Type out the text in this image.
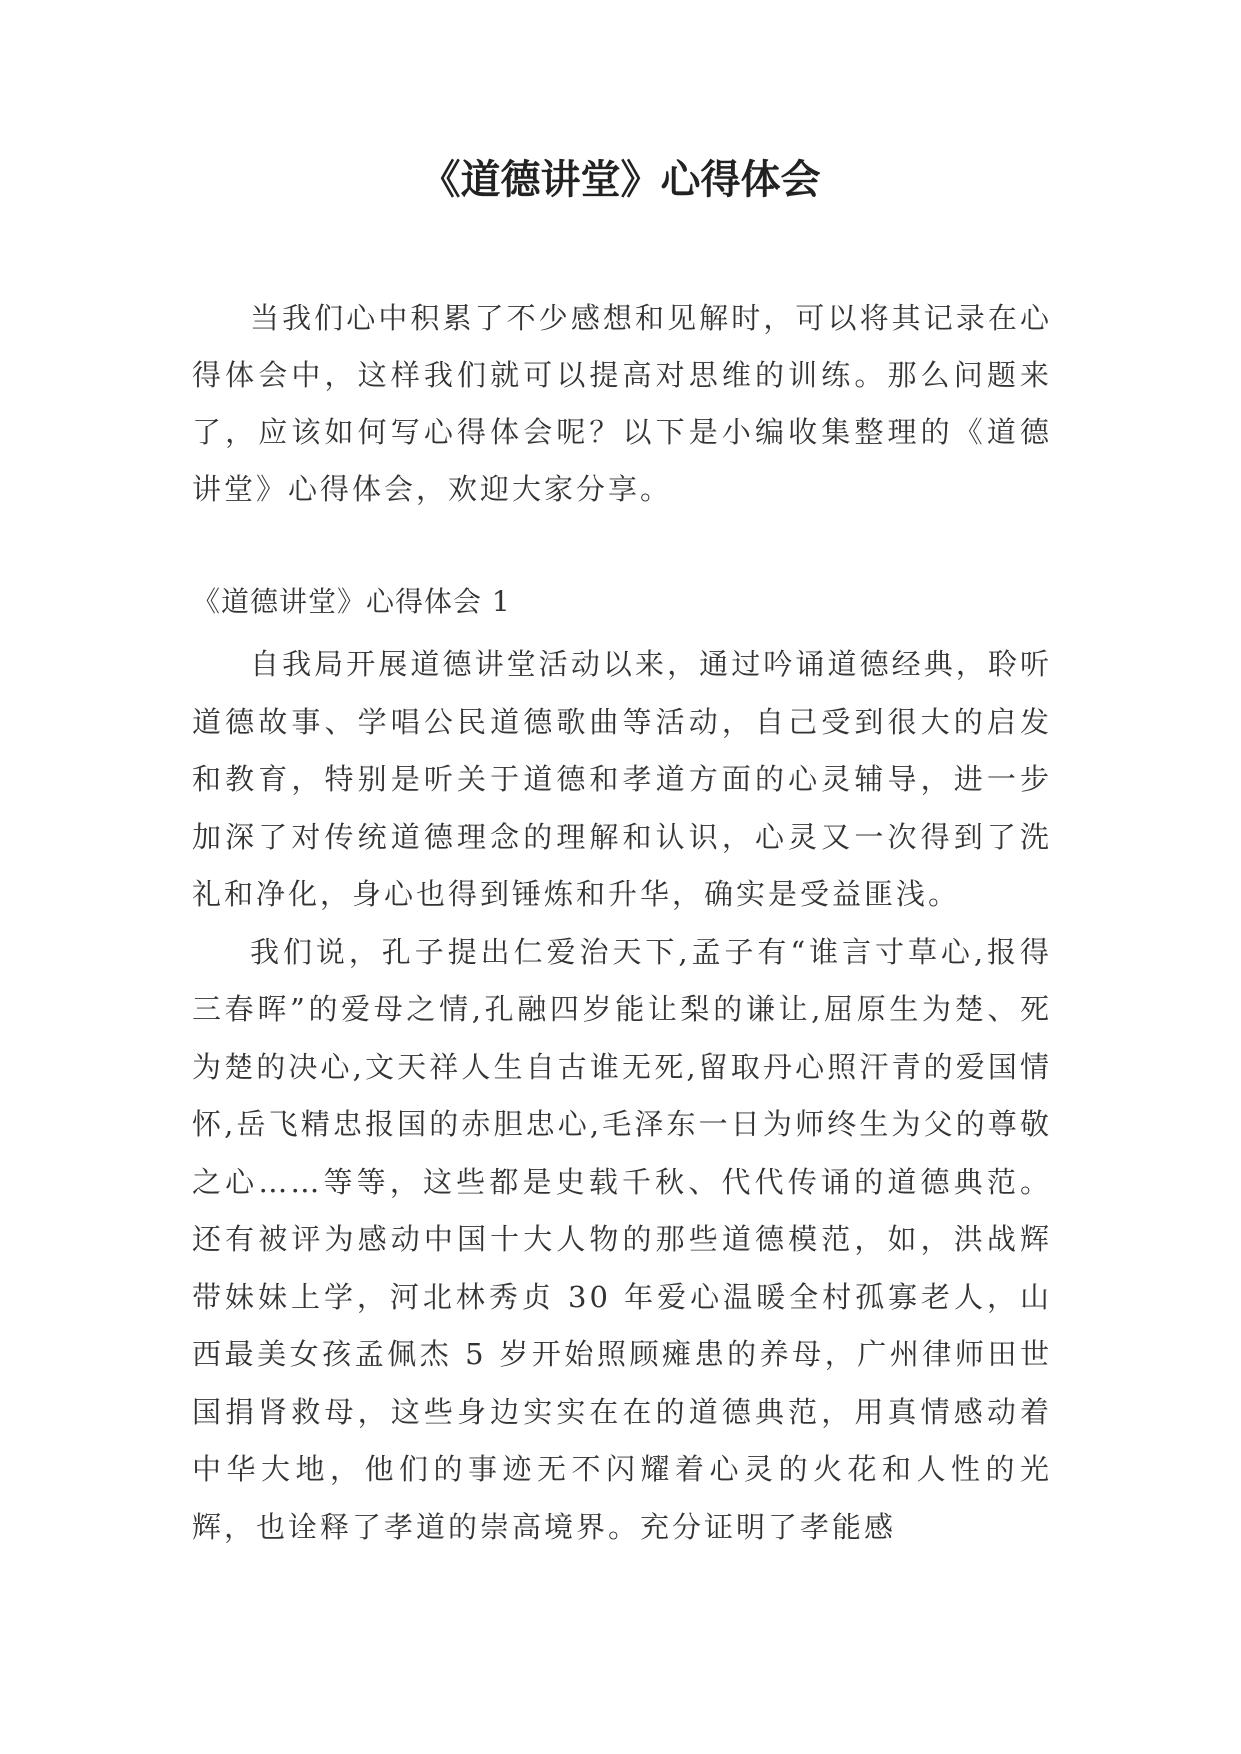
《道德讲堂》心得体会

当我们心中积累了不少感想和见解时，可以将其记录在心得体会中，这样我们就可以提高对思维的训练。那么问题来了，应该如何写心得体会呢？以下是小编收集整理的《道德讲堂》心得体会，欢迎大家分享。

《道德讲堂》心得体会 1

自我局开展道德讲堂活动以来，通过吟诵道德经典，聆听道德故事、学唱公民道德歌曲等活动，自己受到很大的启发和教育，特别是听关于道德和孝道方面的心灵辅导，进一步加深了对传统道德理念的理解和认识，心灵又一次得到了洗礼和净化，身心也得到锤炼和升华，确实是受益匪浅。

我们说，孔子提出仁爱治天下,孟子有“谁言寸草心,报得三春晖”的爱母之情,孔融四岁能让梨的谦让,屈原生为楚、死为楚的决心,文天祥人生自古谁无死,留取丹心照汗青的爱国情怀,岳飞精忠报国的赤胆忠心,毛泽东一日为师终生为父的尊敬之心……等等，这些都是史载千秋、代代传诵的道德典范。还有被评为感动中国十大人物的那些道德模范，如，洪战辉带妹妹上学，河北林秀贞 30 年爱心温暖全村孤寡老人，山西最美女孩孟佩杰 5 岁开始照顾瘫患的养母，广州律师田世国捐肾救母，这些身边实实在在的道德典范，用真情感动着中华大地，他们的事迹无不闪耀着心灵的火花和人性的光辉，也诠释了孝道的崇高境界。充分证明了孝能感
